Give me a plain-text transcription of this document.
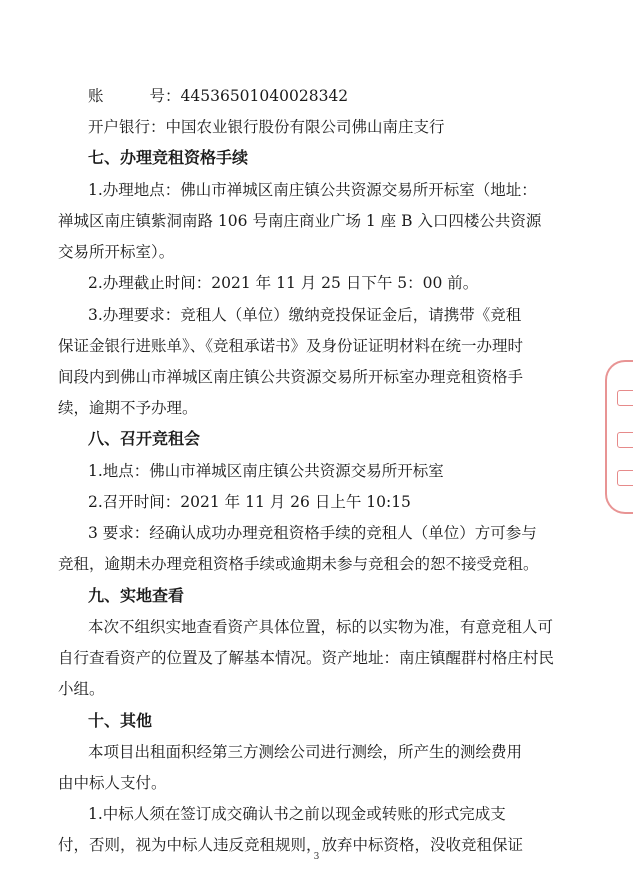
账	号：44536501040028342
开户银行：中国农业银行股份有限公司佛山南庄支行
七、办理竞租资格手续
1.办理地点：佛山市禅城区南庄镇公共资源交易所开标室（地址：
禅城区南庄镇紫洞南路 106 号南庄商业广场 1 座 B 入口四楼公共资源
交易所开标室）。
2.办理截止时间：2021 年 11 月 25 日下午 5：00 前。
3.办理要求：竞租人（单位）缴纳竞投保证金后，请携带《竞租
保证金银行进账单》、《竞租承诺书》及身份证证明材料在统一办理时
间段内到佛山市禅城区南庄镇公共资源交易所开标室办理竞租资格手
续，逾期不予办理。
八、召开竞租会
1.地点：佛山市禅城区南庄镇公共资源交易所开标室
2.召开时间：2021 年 11 月 26 日上午 10:15
3 要求：经确认成功办理竞租资格手续的竞租人（单位）方可参与
竞租，逾期未办理竞租资格手续或逾期未参与竞租会的恕不接受竞租。
九、实地查看
本次不组织实地查看资产具体位置，标的以实物为准，有意竞租人可
自行查看资产的位置及了解基本情况。资产地址：南庄镇醒群村格庄村民
小组。
十、其他
本项目出租面积经第三方测绘公司进行测绘，所产生的测绘费用
由中标人支付。
1.中标人须在签订成交确认书之前以现金或转账的形式完成支
付，否则，视为中标人违反竞租规则，放弃中标资格，没收竞租保证
3
